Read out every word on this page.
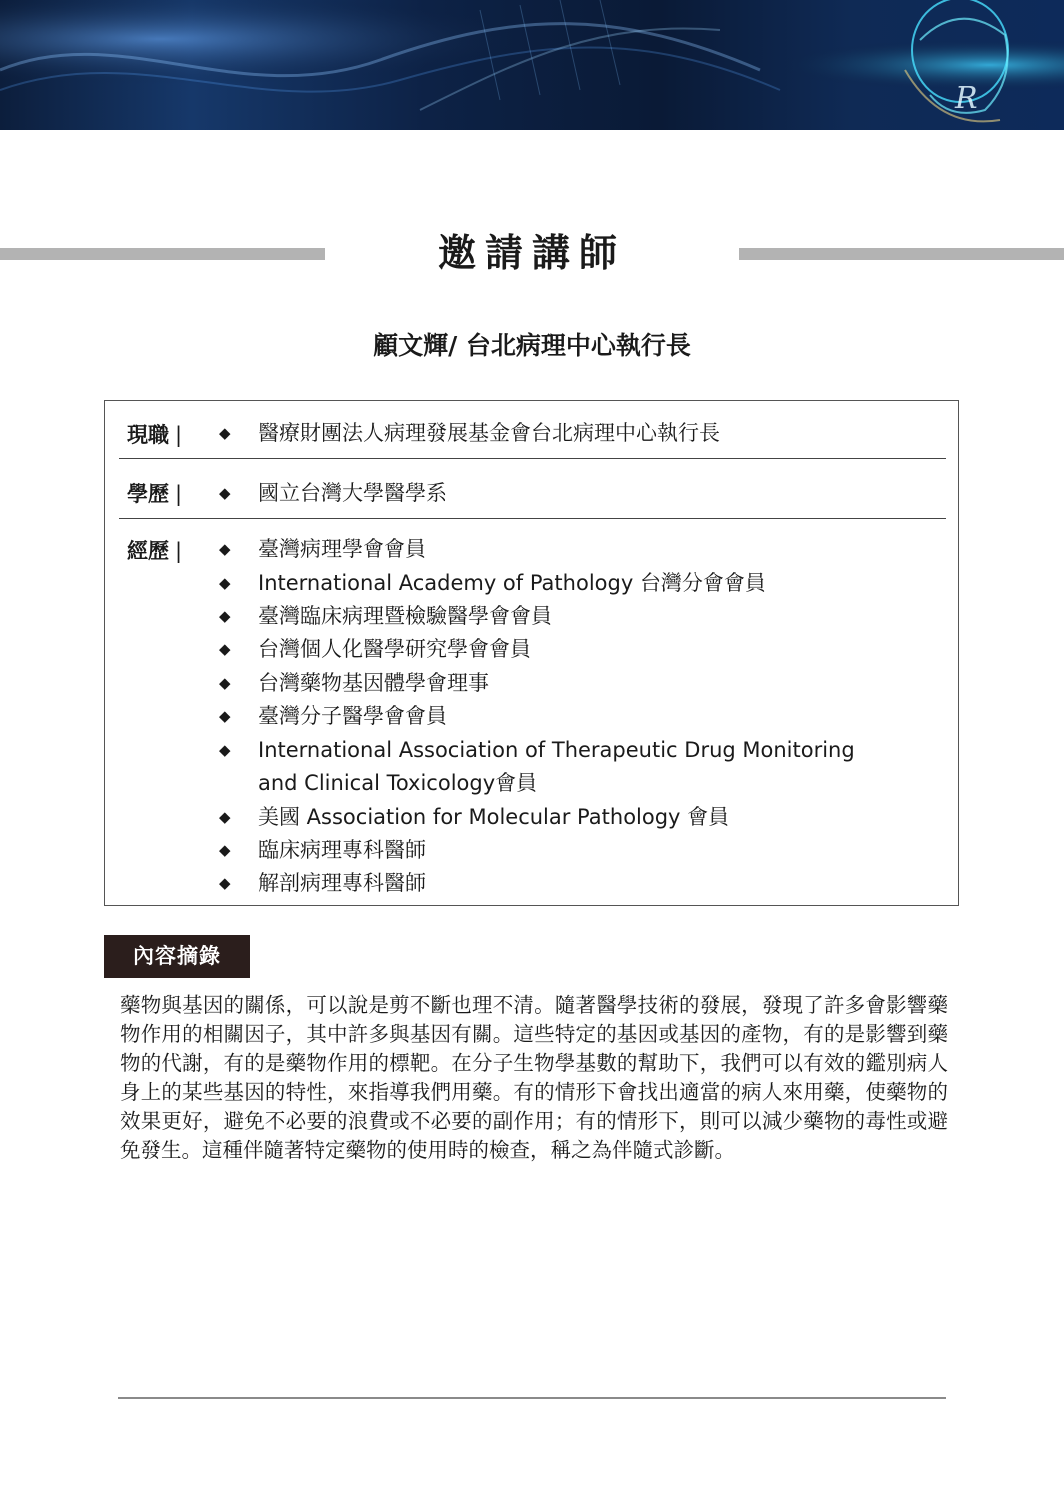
R
邀請講師
顧文輝/ 台北病理中心執行長
現職 | ◆ 醫療財團法人病理發展基金會台北病理中心執行長
學歷 | ◆ 國立台灣大學醫學系
經歷 | ◆ 臺灣病理學會會員
◆ International Academy of Pathology 台灣分會會員
◆ 臺灣臨床病理暨檢驗醫學會會員
◆ 台灣個人化醫學研究學會會員
◆ 台灣藥物基因體學會理事
◆ 臺灣分子醫學會會員
◆ International Association of Therapeutic Drug Monitoring
and Clinical Toxicology會員
◆ 美國 Association for Molecular Pathology 會員
◆ 臨床病理專科醫師
◆ 解剖病理專科醫師
內容摘錄
藥物與基因的關係，可以說是剪不斷也理不清。隨著醫學技術的發展，發現了許多會影響藥物作用的相關因子，其中許多與基因有關。這些特定的基因或基因的產物，有的是影響到藥物的代謝，有的是藥物作用的標靶。在分子生物學基數的幫助下，我們可以有效的鑑別病人身上的某些基因的特性，來指導我們用藥。有的情形下會找出適當的病人來用藥，使藥物的效果更好，避免不必要的浪費或不必要的副作用；有的情形下，則可以減少藥物的毒性或避免發生。這種伴隨著特定藥物的使用時的檢查，稱之為伴隨式診斷。
